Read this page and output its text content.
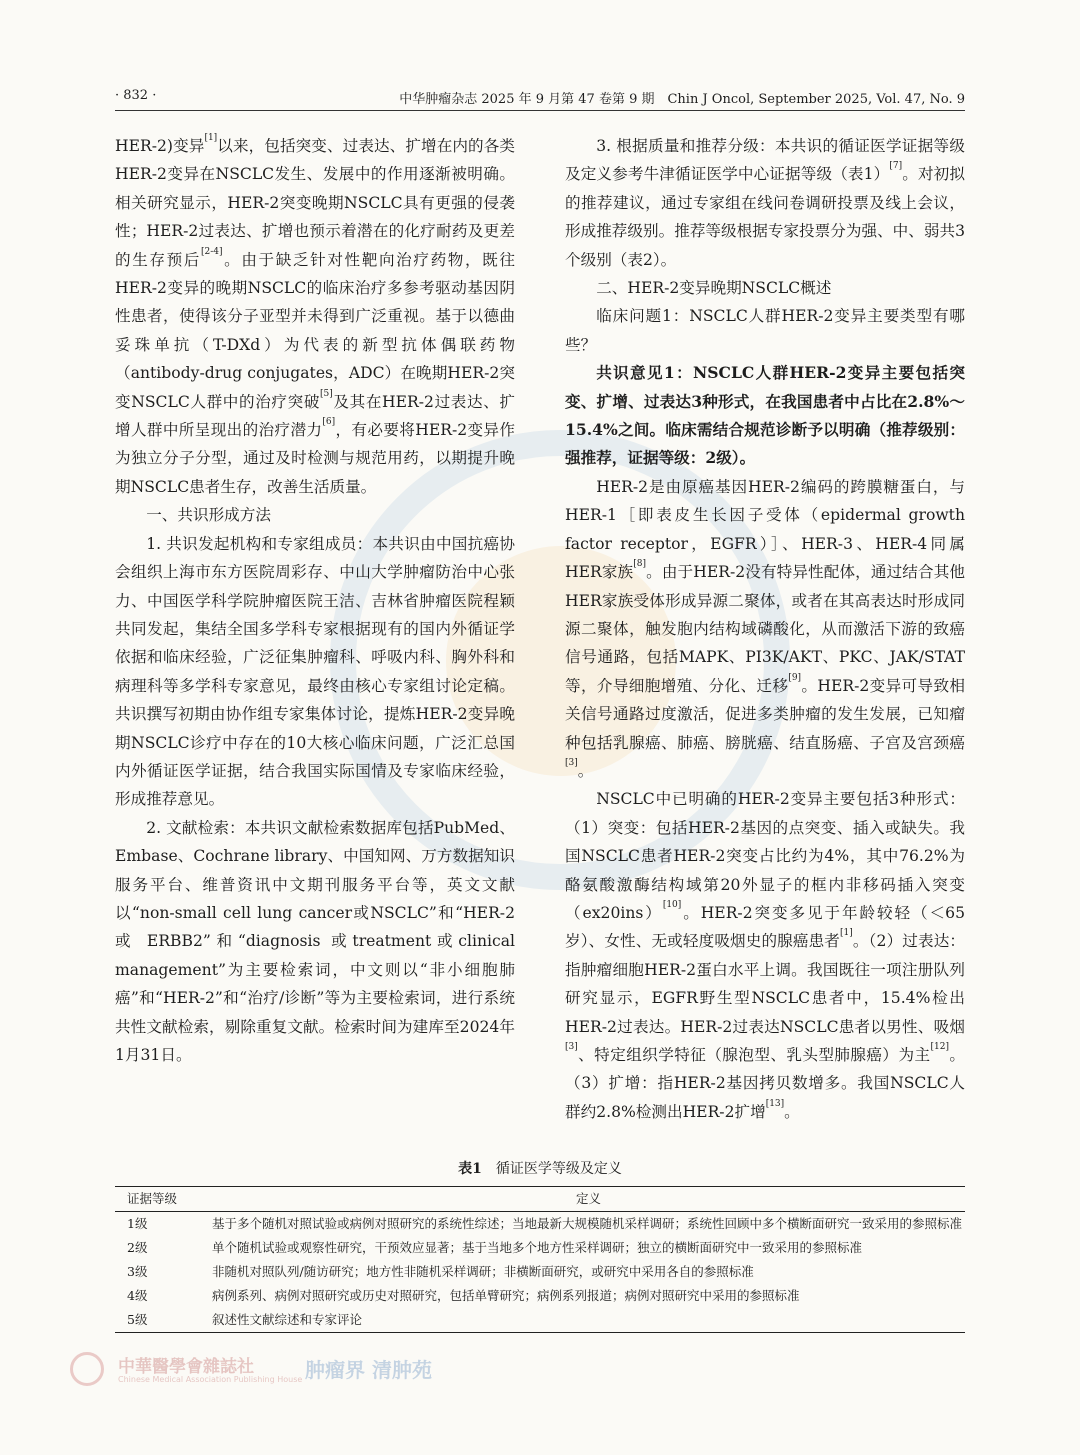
· 832 ·	中华肿瘤杂志 2025 年 9 月第 47 卷第 9 期　Chin J Oncol, September 2025, Vol. 47, No. 9

HER-2)变异[1]以来，包括突变、过表达、扩增在内的各类HER-2变异在NSCLC发生、发展中的作用逐渐被明确。相关研究显示，HER-2突变晚期NSCLC具有更强的侵袭性；HER-2过表达、扩增也预示着潜在的化疗耐药及更差的生存预后[2-4]。由于缺乏针对性靶向治疗药物，既往HER-2变异的晚期NSCLC的临床治疗多参考驱动基因阴性患者，使得该分子亚型并未得到广泛重视。基于以德曲妥珠单抗（T-DXd）为代表的新型抗体偶联药物（antibody-drug conjugates，ADC）在晚期HER-2突变NSCLC人群中的治疗突破[5]及其在HER-2过表达、扩增人群中所呈现出的治疗潜力[6]，有必要将HER-2变异作为独立分子分型，通过及时检测与规范用药，以期提升晚期NSCLC患者生存，改善生活质量。

一、共识形成方法

1. 共识发起机构和专家组成员：本共识由中国抗癌协会组织上海市东方医院周彩存、中山大学肿瘤防治中心张力、中国医学科学院肿瘤医院王洁、吉林省肿瘤医院程颖共同发起，集结全国多学科专家根据现有的国内外循证学依据和临床经验，广泛征集肿瘤科、呼吸内科、胸外科和病理科等多学科专家意见，最终由核心专家组讨论定稿。共识撰写初期由协作组专家集体讨论，提炼HER-2变异晚期NSCLC诊疗中存在的10大核心临床问题，广泛汇总国内外循证医学证据，结合我国实际国情及专家临床经验，形成推荐意见。

2. 文献检索：本共识文献检索数据库包括PubMed、Embase、Cochrane library、中国知网、万方数据知识服务平台、维普资讯中文期刊服务平台等，英文文献以“non-small cell lung cancer或NSCLC”和“HER-2 或 ERBB2”和“diagnosis 或treatment或clinical management”为主要检索词，中文则以“非小细胞肺癌”和“HER-2”和“治疗/诊断”等为主要检索词，进行系统共性文献检索，剔除重复文献。检索时间为建库至2024年1月31日。

3. 根据质量和推荐分级：本共识的循证医学证据等级及定义参考牛津循证医学中心证据等级（表1）[7]。对初拟的推荐建议，通过专家组在线问卷调研投票及线上会议，形成推荐级别。推荐等级根据专家投票分为强、中、弱共3个级别（表2）。

二、HER-2变异晚期NSCLC概述

临床问题1：NSCLC人群HER-2变异主要类型有哪些？

共识意见1：NSCLC人群HER-2变异主要包括突变、扩增、过表达3种形式，在我国患者中占比在2.8%～15.4%之间。临床需结合规范诊断予以明确（推荐级别：强推荐，证据等级：2级）。

HER-2是由原癌基因HER-2编码的跨膜糖蛋白，与HER-1［即表皮生长因子受体（epidermal growth factor receptor，EGFR）］、HER-3、HER-4同属HER家族[8]。由于HER-2没有特异性配体，通过结合其他HER家族受体形成异源二聚体，或者在其高表达时形成同源二聚体，触发胞内结构域磷酸化，从而激活下游的致癌信号通路，包括MAPK、PI3K/AKT、PKC、JAK/STAT等，介导细胞增殖、分化、迁移[9]。HER-2变异可导致相关信号通路过度激活，促进多类肿瘤的发生发展，已知瘤种包括乳腺癌、肺癌、膀胱癌、结直肠癌、子宫及宫颈癌[3]。

NSCLC中已明确的HER-2变异主要包括3种形式：（1）突变：包括HER-2基因的点突变、插入或缺失。我国NSCLC患者HER-2突变占比约为4%，其中76.2%为酪氨酸激酶结构域第20外显子的框内非移码插入突变（ex20ins）[10]。HER-2突变多见于年龄较轻（＜65岁）、女性、无或轻度吸烟史的腺癌患者[1]。（2）过表达：指肿瘤细胞HER-2蛋白水平上调。我国既往一项注册队列研究显示，EGFR野生型NSCLC患者中，15.4%检出HER-2过表达。HER-2过表达NSCLC患者以男性、吸烟[3]、特定组织学特征（腺泡型、乳头型肺腺癌）为主[12]。（3）扩增：指HER-2基因拷贝数增多。我国NSCLC人群约2.8%检测出HER-2扩增[13]。

表1 循证医学等级及定义
证据等级	定义
1级	基于多个随机对照试验或病例对照研究的系统性综述；当地最新大规模随机采样调研；系统性回顾中多个横断面研究一致采用的参照标准
2级	单个随机试验或观察性研究，干预效应显著；基于当地多个地方性采样调研；独立的横断面研究中一致采用的参照标准
3级	非随机对照队列/随访研究；地方性非随机采样调研；非横断面研究，或研究中采用各自的参照标准
4级	病例系列、病例对照研究或历史对照研究，包括单臂研究；病例系列报道；病例对照研究中采用的参照标准
5级	叙述性文献综述和专家评论
中華醫學會雜誌社
Chinese Medical Association Publishing House 肿瘤界 清肿苑
